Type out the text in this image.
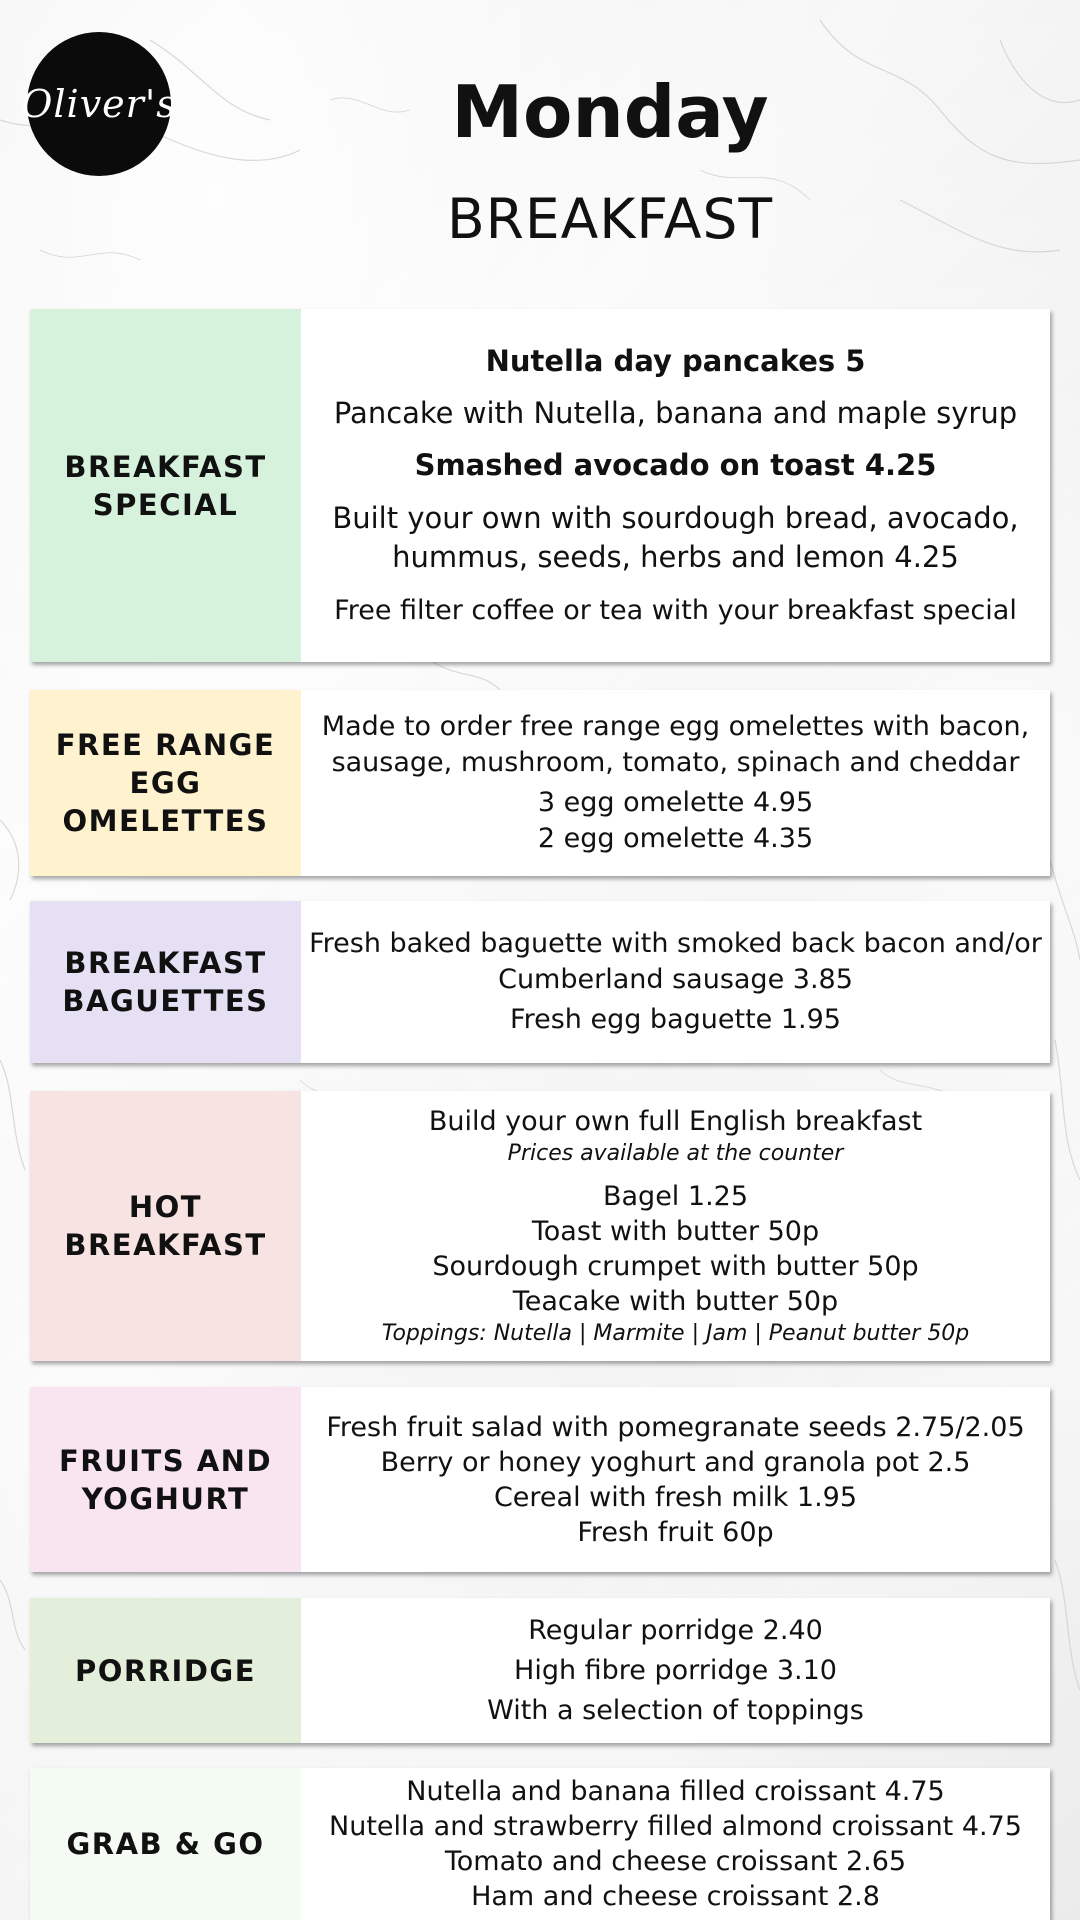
Oliver's	Monday
BREAKFAST
BREAKFAST
SPECIAL
Nutella day pancakes 5
Pancake with Nutella, banana and maple syrup
Smashed avocado on toast 4.25
Built your own with sourdough bread, avocado,
hummus, seeds, herbs and lemon 4.25
Free filter coffee or tea with your breakfast special
FREE RANGE
EGG
OMELETTES
Made to order free range egg omelettes with bacon,
sausage, mushroom, tomato, spinach and cheddar
3 egg omelette 4.95
2 egg omelette 4.35
BREAKFAST
BAGUETTES
Fresh baked baguette with smoked back bacon and/or
Cumberland sausage 3.85
Fresh egg baguette 1.95
HOT
BREAKFAST
Build your own full English breakfast
Prices available at the counter
Bagel 1.25
Toast with butter 50p
Sourdough crumpet with butter 50p
Teacake with butter 50p
Toppings: Nutella | Marmite | Jam | Peanut butter 50p
FRUITS AND
YOGHURT
Fresh fruit salad with pomegranate seeds 2.75/2.05
Berry or honey yoghurt and granola pot 2.5
Cereal with fresh milk 1.95
Fresh fruit 60p
PORRIDGE
Regular porridge 2.40
High fibre porridge 3.10
With a selection of toppings
GRAB & GO
Nutella and banana filled croissant 4.75
Nutella and strawberry filled almond croissant 4.75
Tomato and cheese croissant 2.65
Ham and cheese croissant 2.8
